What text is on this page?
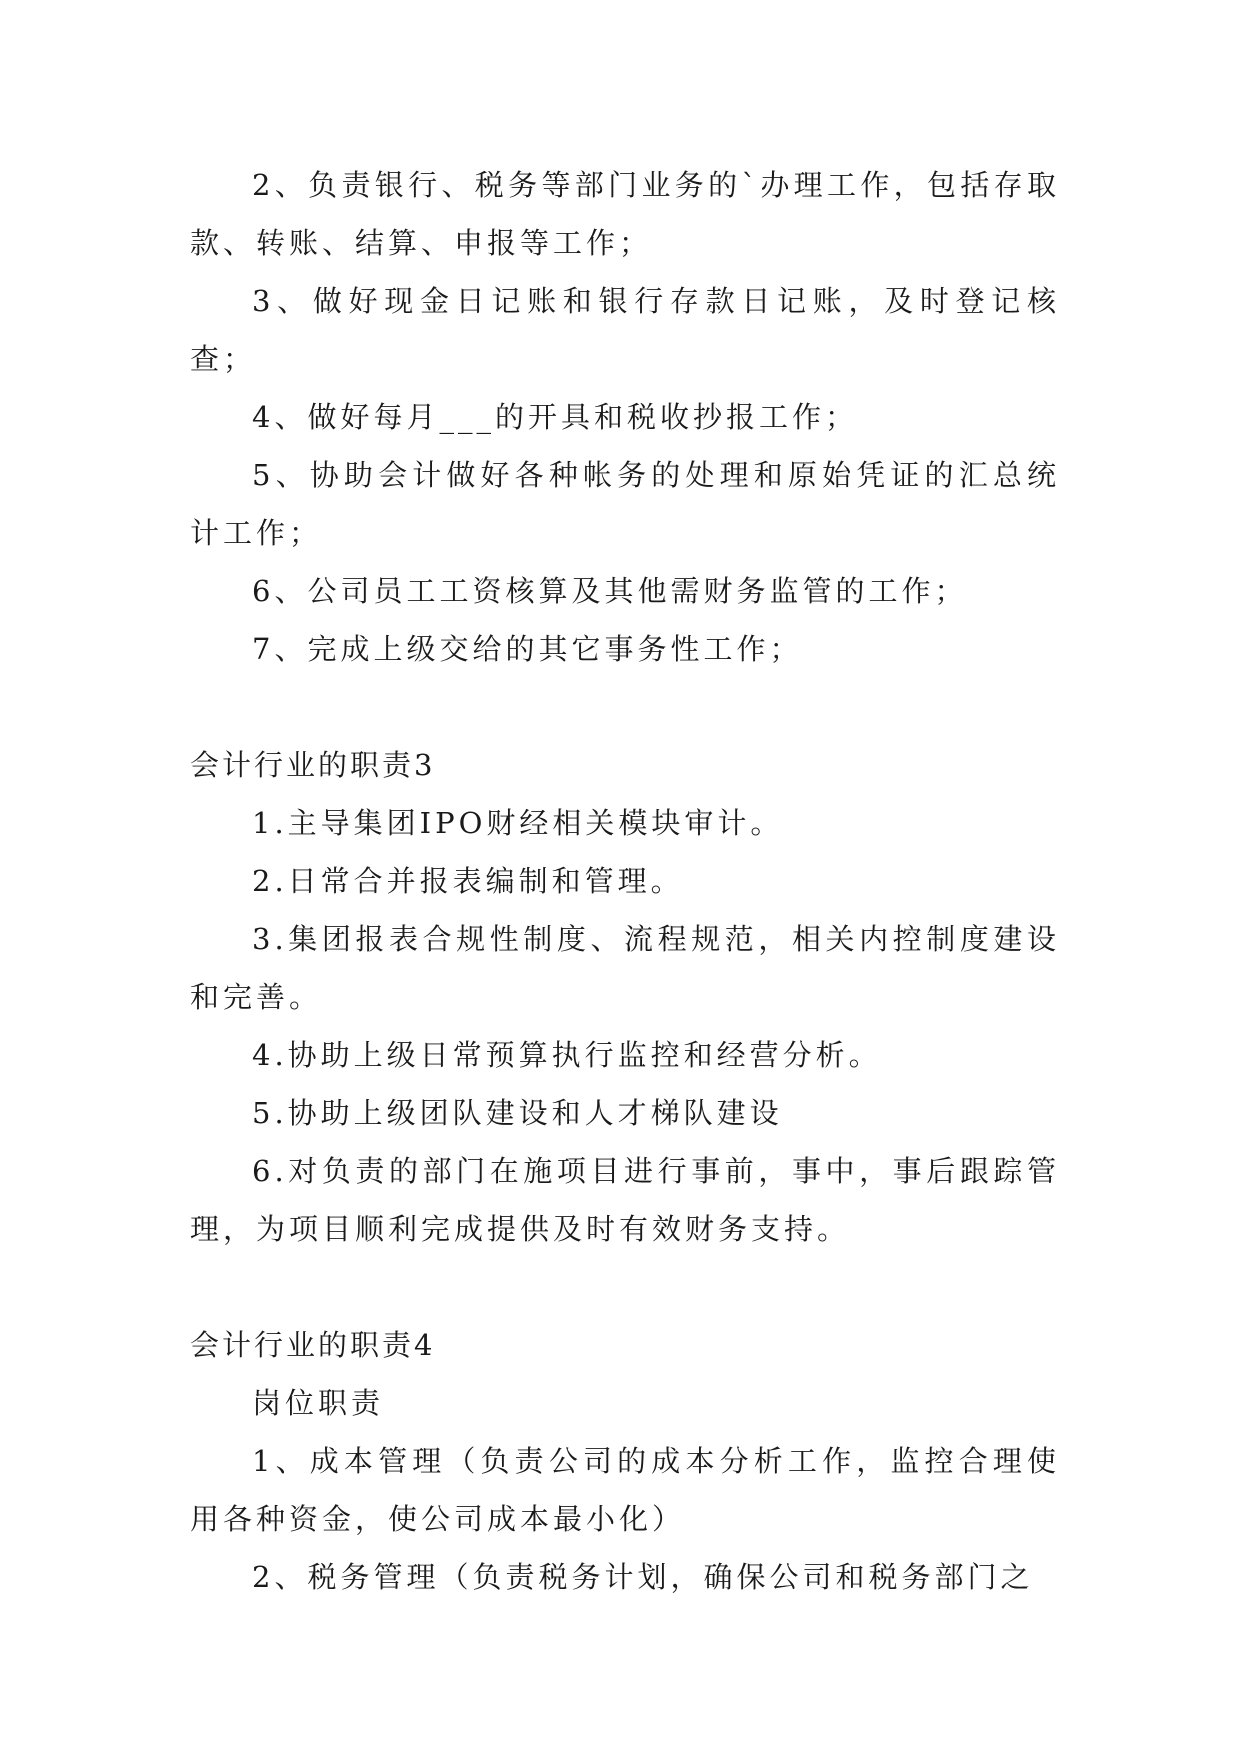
2、负责银行、税务等部门业务的`办理工作，包括存取款、转账、结算、申报等工作；

3、做好现金日记账和银行存款日记账，及时登记核查；

4、做好每月___的开具和税收抄报工作；

5、协助会计做好各种帐务的处理和原始凭证的汇总统计工作；

6、公司员工工资核算及其他需财务监管的工作；

7、完成上级交给的其它事务性工作；

会计行业的职责3

1.主导集团IPO财经相关模块审计。

2.日常合并报表编制和管理。

3.集团报表合规性制度、流程规范，相关内控制度建设和完善。

4.协助上级日常预算执行监控和经营分析。

5.协助上级团队建设和人才梯队建设

6.对负责的部门在施项目进行事前，事中，事后跟踪管理，为项目顺利完成提供及时有效财务支持。

会计行业的职责4

岗位职责

1、成本管理（负责公司的成本分析工作，监控合理使用各种资金，使公司成本最小化）

2、税务管理（负责税务计划，确保公司和税务部门之
